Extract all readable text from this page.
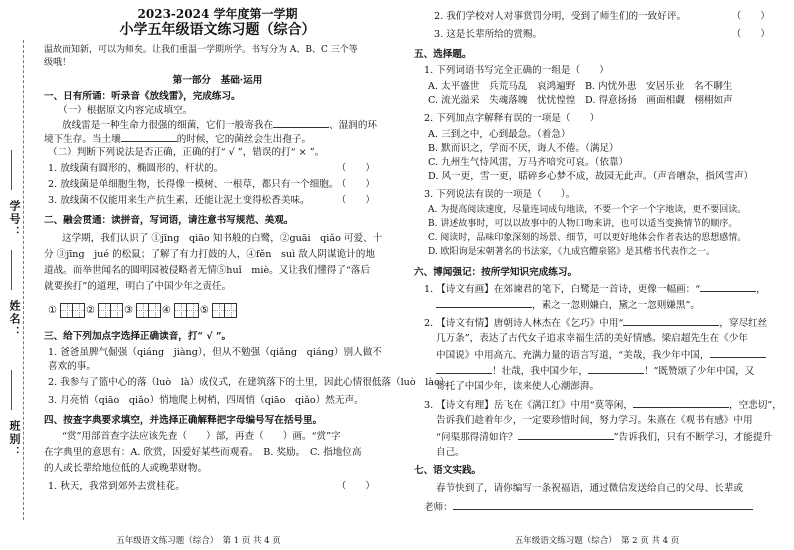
学号：
姓名：
班别：
2023-2024 学年度第一学期
小学五年级语文练习题（综合）
温故而知新，可以为师矣。让我们重温一学期所学。书写分为 A、B、C 三个等
级哦！
第一部分　基础·运用
一、日有所诵：听录音《放线雷》，完成练习。
（一）根据原文内容完成填空。
放线雷是一种生命力很强的细菌，它们一般寄我在	、湿润的环
境下生存。当土壤	的时候，它的菌丝会生出孢子。
（二）判断下列说法是否正确，正确的打“ √ ”，错误的打“ × ”。
1. 放线菌有圆形的、椭圆形的、杆状的。	（　　）
2. 放线菌是单细胞生物，长得像一模树、一根草，都只有一个细胞。
（　　）
3. 放线菌不仅能用来生产抗生素，还能让泥土变得松香美味。	（　　）
二、融会贯通：读拼音，写词语，请注意书写规范、美观。
这学期，我们认识了 ①jīng　qiāo 知书般的白鹭，②guāi　qiǎo 可爱、十
分 ③jīng　jué 的松鼠；了解了有力打鼓的人，④fěn　suì 敌人阴谋诡计的地
道战。而举世闻名的圆明园被侵略者无情⑤huǐ　miè。又让我们懂得了“落后
就要挨打”的道理，明白了中国少年之责任。
①	②	③	④	⑤
三、给下列加点字选择正确读音，打“ √ ”。
1. 爸爸虽脾气倔强（qiáng　jiàng），但从不勉强（qiǎng　qiáng）别人做不
喜欢的事。
2. 我参与了篮中心的落（luò　là）成仪式，在建筑落下的土里，因此心情很低落（luò　lào）。
3. 月亮悄（qiāo　qiǎo）悄地爬上树梢，四周悄（qiāo　qiǎo）然无声。
四、按查字典要求填空，并选择正确解释把字母编号写在括号里。
“赏”用部首查字法应该先查（　　）部，再查（　　）画。“赏”字
在字典里的意思有：A. 欣赏，因爱好某些而观看。　B. 奖励。　C. 指地位高
的人或长辈给地位低的人或晚辈财物。
1. 秋天，我常到郊外去赏桂花。	（　　）
五年级语文练习题（综合）　第 1 页 共 4 页
2. 我们学校对人对事赏罚分明，受到了师生们的一致好评。	（　　）
3. 这是长辈所给的赏赐。	（　　）
五、选择题。
1. 下列词语书写完全正确的一组是（　　）
A. 太平盛世　兵荒马乱　哀鸿遍野　 B. 内忧外患　安居乐业　名不聊生
C. 流光溢采　失魂落魄　忧忧惶惶　 D. 得意扬扬　画面相觑　栩栩如声
2. 下列加点字解释有误的一项是（　　）
A. 三到之中，心到最急。（着急）
B. 默而识之，学而不厌，诲人不倦。（满足）
C. 九州生气恃风雷，万马齐喑究可哀。（依靠）
D. 风一更，雪一更，聒碎乡心梦不成，故园无此声。（声音嘈杂，指风雪声）
3. 下列说法有误的一项是（　　）。
A. 为提高阅读速度，尽量连词成句地读，不要一个字一个字地读，更不要回读。
B. 讲述故事时，可以以故事中的人物口吻来讲，也可以适当变换情节的顺序。
C. 阅读时，品味印象深刻的场景、细节，可以更好地体会作者表达的思想感情。
D. 欧阳询是宋朝著名的书法家，《九成宫醴泉铭》是其楷书代表作之一。
六、博闻强记：按所学知识完成练习。
1. 【诗文有画】在郊谏君的笔下，白鹭是一首诗，更像一幅画：“	，
，素之一忽则嫌白，黛之一忽则嫌黑”。
2. 【诗文有情】唐朝诗人林杰在《乞巧》中用“	，穿尽红丝
几万条”，表达了古代女子追求幸福生活的美好情感。梁启超先生在《少年
中国说》中用高亢、充满力量的语言写道，“美哉，我少年中国，
！壮哉，我中国少年，	！”既赞颂了少年中国，又
寄托了中国少年，读来使人心潮澎湃。
3. 【诗文有理】岳飞在《满江红》中用“莫等闲，	，空悲切”，
告诉我们趁着年少，一定要珍惜时间，努力学习。朱熹在《观书有感》中用
“问渠那得清如许？	”告诉我们，只有不断学习，才能提升
自己。
七、语文实践。
春节快到了，请你编写一条祝福语，通过微信发送给自己的父母、长辈或
老师：
五年级语文练习题（综合）　第 2 页 共 4 页
